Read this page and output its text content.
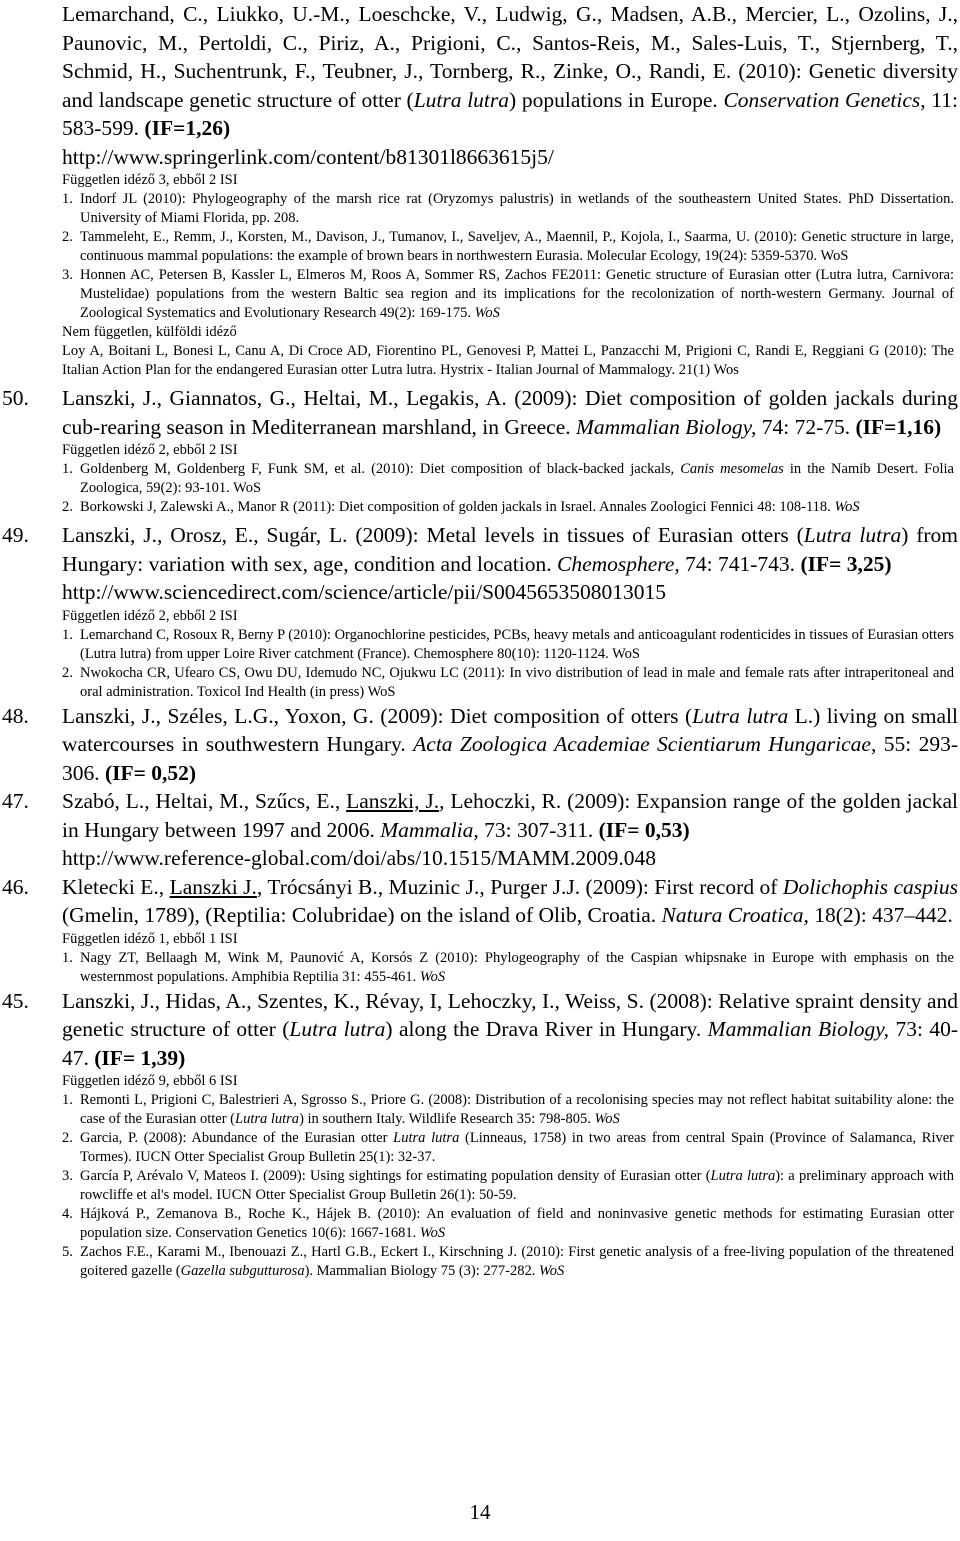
Lemarchand, C., Liukko, U.-M., Loeschcke, V., Ludwig, G., Madsen, A.B., Mercier, L., Ozolins, J., Paunovic, M., Pertoldi, C., Piriz, A., Prigioni, C., Santos-Reis, M., Sales-Luis, T., Stjernberg, T., Schmid, H., Suchentrunk, F., Teubner, J., Tornberg, R., Zinke, O., Randi, E. (2010): Genetic diversity and landscape genetic structure of otter (Lutra lutra) populations in Europe. Conservation Genetics, 11: 583-599. (IF=1,26)
http://www.springerlink.com/content/b81301l8663615j5/
Független idéző 3, ebből 2 ISI
1. Indorf JL (2010): Phylogeography of the marsh rice rat (Oryzomys palustris) in wetlands of the southeastern United States. PhD Dissertation. University of Miami Florida, pp. 208.
2. Tammeleht, E., Remm, J., Korsten, M., Davison, J., Tumanov, I., Saveljev, A., Maennil, P., Kojola, I., Saarma, U. (2010): Genetic structure in large, continuous mammal populations: the example of brown bears in northwestern Eurasia. Molecular Ecology, 19(24): 5359-5370. WoS
3. Honnen AC, Petersen B, Kassler L, Elmeros M, Roos A, Sommer RS, Zachos FE2011: Genetic structure of Eurasian otter (Lutra lutra, Carnivora: Mustelidae) populations from the western Baltic sea region and its implications for the recolonization of north-western Germany. Journal of Zoological Systematics and Evolutionary Research 49(2): 169-175. WoS
Nem független, külföldi idéző
Loy A, Boitani L, Bonesi L, Canu A, Di Croce AD, Fiorentino PL, Genovesi P, Mattei L, Panzacchi M, Prigioni C, Randi E, Reggiani G (2010): The Italian Action Plan for the endangered Eurasian otter Lutra lutra. Hystrix - Italian Journal of Mammalogy. 21(1) Wos
50. Lanszki, J., Giannatos, G., Heltai, M., Legakis, A. (2009): Diet composition of golden jackals during cub-rearing season in Mediterranean marshland, in Greece. Mammalian Biology, 74: 72-75. (IF=1,16)
Független idéző 2, ebből 2 ISI
1. Goldenberg M, Goldenberg F, Funk SM, et al. (2010): Diet composition of black-backed jackals, Canis mesomelas in the Namib Desert. Folia Zoologica, 59(2): 93-101. WoS
2. Borkowski J, Zalewski A., Manor R (2011): Diet composition of golden jackals in Israel. Annales Zoologici Fennici 48: 108-118. WoS
49. Lanszki, J., Orosz, E., Sugár, L. (2009): Metal levels in tissues of Eurasian otters (Lutra lutra) from Hungary: variation with sex, age, condition and location. Chemosphere, 74: 741-743. (IF= 3,25)
http://www.sciencedirect.com/science/article/pii/S0045653508013015
Független idéző 2, ebből 2 ISI
1. Lemarchand C, Rosoux R, Berny P (2010): Organochlorine pesticides, PCBs, heavy metals and anticoagulant rodenticides in tissues of Eurasian otters (Lutra lutra) from upper Loire River catchment (France). Chemosphere 80(10): 1120-1124. WoS
2. Nwokocha CR, Ufearo CS, Owu DU, Idemudo NC, Ojukwu LC (2011): In vivo distribution of lead in male and female rats after intraperitoneal and oral administration. Toxicol Ind Health (in press) WoS
48. Lanszki, J., Széles, L.G., Yoxon, G. (2009): Diet composition of otters (Lutra lutra L.) living on small watercourses in southwestern Hungary. Acta Zoologica Academiae Scientiarum Hungaricae, 55: 293-306. (IF= 0,52)
47. Szabó, L., Heltai, M., Szűcs, E., Lanszki, J., Lehoczki, R. (2009): Expansion range of the golden jackal in Hungary between 1997 and 2006. Mammalia, 73: 307-311. (IF= 0,53)
http://www.reference-global.com/doi/abs/10.1515/MAMM.2009.048
46. Kletecki E., Lanszki J., Trócsányi B., Muzinic J., Purger J.J. (2009): First record of Dolichophis caspius (Gmelin, 1789), (Reptilia: Colubridae) on the island of Olib, Croatia. Natura Croatica, 18(2): 437–442.
Független idéző 1, ebből 1 ISI
1. Nagy ZT, Bellaagh M, Wink M, Paunović A, Korsós Z (2010): Phylogeography of the Caspian whipsnake in Europe with emphasis on the westernmost populations. Amphibia Reptilia 31: 455-461. WoS
45. Lanszki, J., Hidas, A., Szentes, K., Révay, I, Lehoczky, I., Weiss, S. (2008): Relative spraint density and genetic structure of otter (Lutra lutra) along the Drava River in Hungary. Mammalian Biology, 73: 40-47. (IF= 1,39)
Független idéző 9, ebből 6 ISI
1. Remonti L, Prigioni C, Balestrieri A, Sgrosso S., Priore G. (2008): Distribution of a recolonising species may not reflect habitat suitability alone: the case of the Eurasian otter (Lutra lutra) in southern Italy. Wildlife Research 35: 798-805. WoS
2. Garcia, P. (2008): Abundance of the Eurasian otter Lutra lutra (Linneaus, 1758) in two areas from central Spain (Province of Salamanca, River Tormes). IUCN Otter Specialist Group Bulletin 25(1): 32-37.
3. García P, Arévalo V, Mateos I. (2009): Using sightings for estimating population density of Eurasian otter (Lutra lutra): a preliminary approach with rowcliffe et al's model. IUCN Otter Specialist Group Bulletin 26(1): 50-59.
4. Hájková P., Zemanova B., Roche K., Hájek B. (2010): An evaluation of field and noninvasive genetic methods for estimating Eurasian otter population size. Conservation Genetics 10(6): 1667-1681. WoS
5. Zachos F.E., Karami M., Ibenouazi Z., Hartl G.B., Eckert I., Kirschning J. (2010): First genetic analysis of a free-living population of the threatened goitered gazelle (Gazella subgutturosa). Mammalian Biology 75 (3): 277-282. WoS
14
